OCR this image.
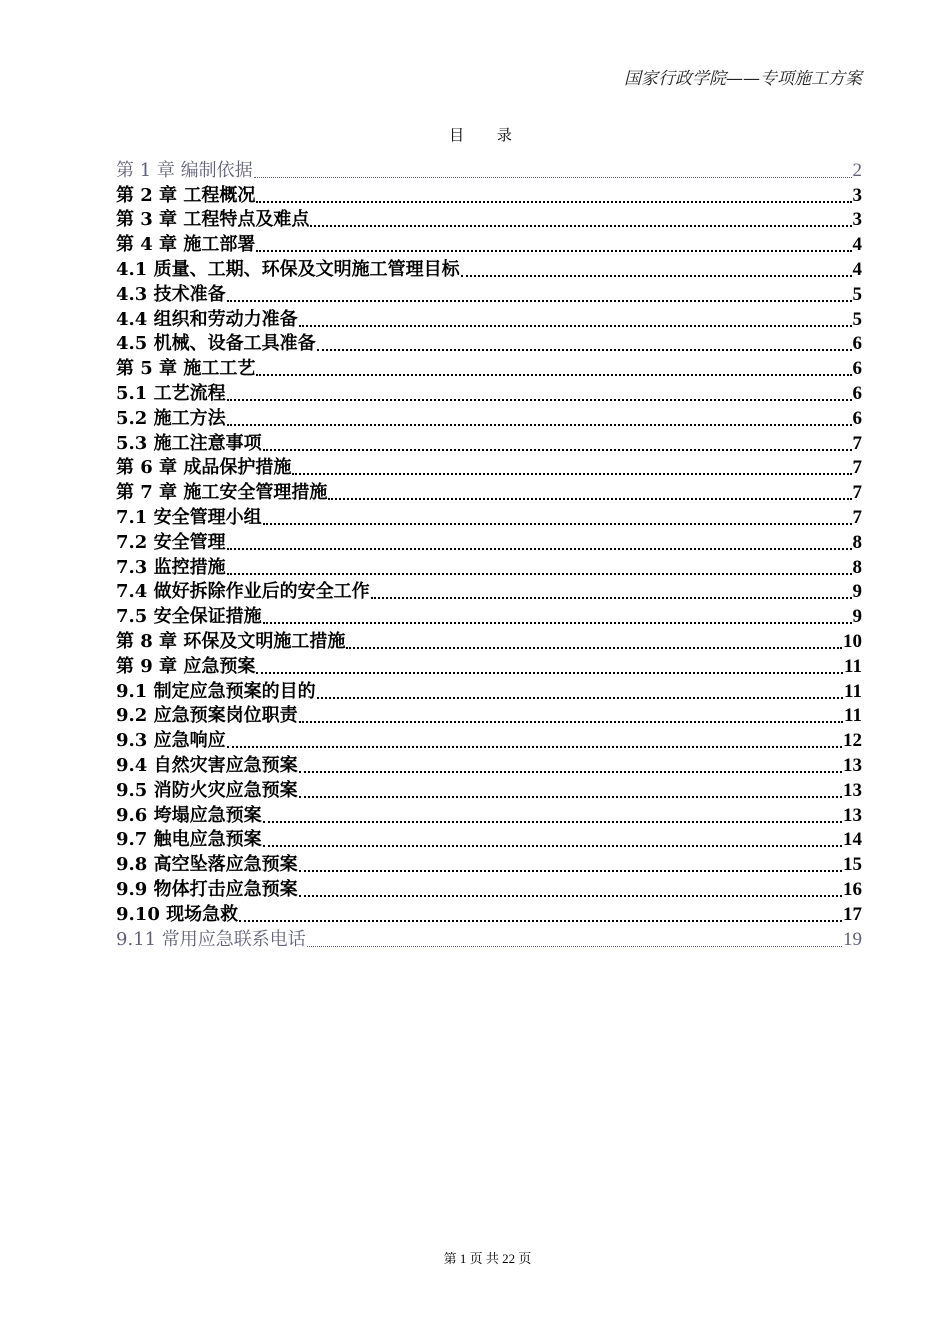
国家行政学院——专项施工方案
目 录
第 1 章 编制依据	2
第 2 章 工程概况	3
第 3 章 工程特点及难点	3
第 4 章 施工部署	4
4.1 质量、工期、环保及文明施工管理目标	4
4.3 技术准备	5
4.4 组织和劳动力准备	5
4.5 机械、设备工具准备	6
第 5 章 施工工艺	6
5.1 工艺流程	6
5.2 施工方法	6
5.3 施工注意事项	7
第 6 章 成品保护措施	7
第 7 章 施工安全管理措施	7
7.1 安全管理小组	7
7.2 安全管理	8
7.3 监控措施	8
7.4 做好拆除作业后的安全工作	9
7.5 安全保证措施	9
第 8 章 环保及文明施工措施	10
第 9 章 应急预案	11
9.1 制定应急预案的目的	11
9.2 应急预案岗位职责	11
9.3 应急响应	12
9.4 自然灾害应急预案	13
9.5 消防火灾应急预案	13
9.6 垮塌应急预案	13
9.7 触电应急预案	14
9.8 高空坠落应急预案	15
9.9 物体打击应急预案	16
9.10 现场急救	17
9.11 常用应急联系电话	19
第 1 页 共 22 页
